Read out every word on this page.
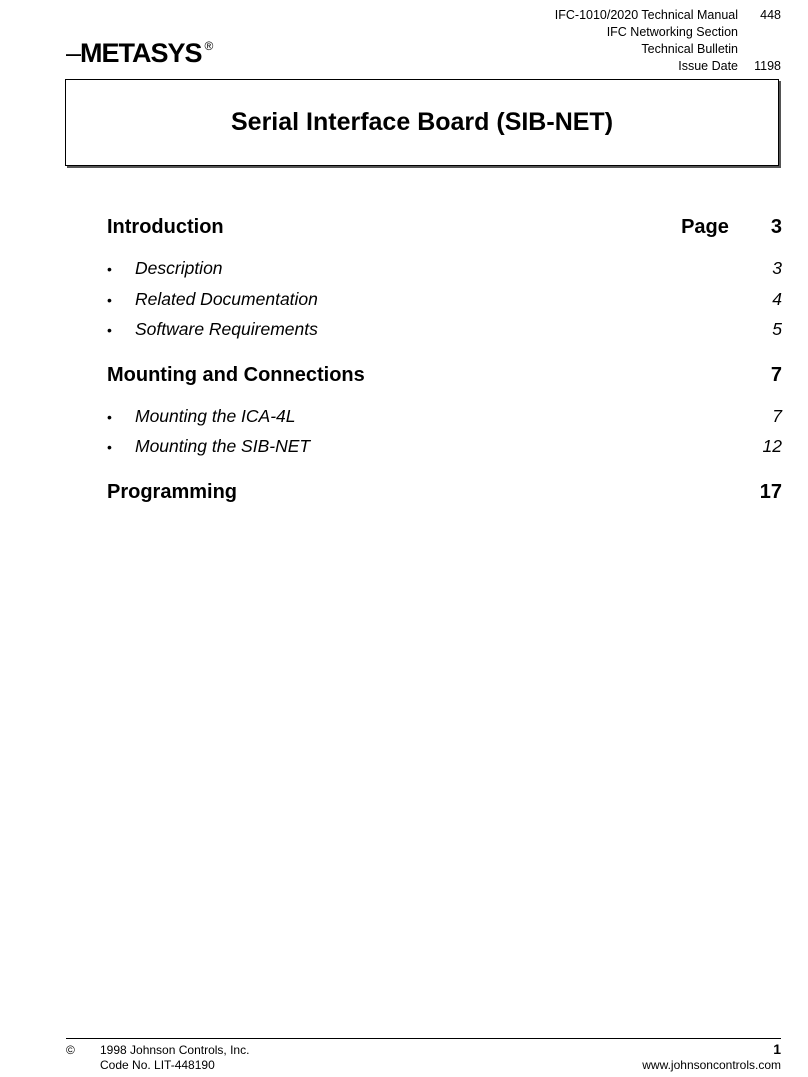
–METASYS ®
IFC-1010/2020 Technical Manual	448
IFC Networking Section
Technical Bulletin
Issue Date	1198
Serial Interface Board (SIB-NET)
Introduction	Page 3
•	Description	3
•	Related Documentation	4
•	Software Requirements	5
Mounting and Connections	7
•	Mounting the ICA-4L	7
•	Mounting the SIB-NET	12
Programming	17
© 1998 Johnson Controls, Inc.
Code No. LIT-448190
1
www.johnsoncontrols.com
